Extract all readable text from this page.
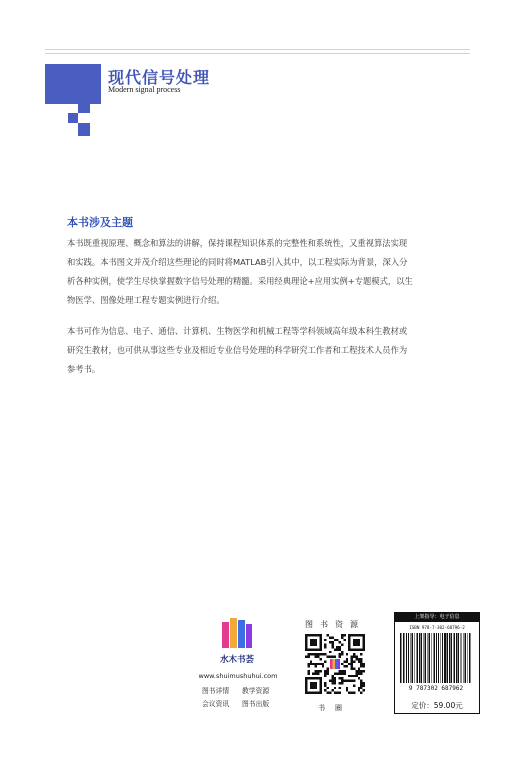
现代信号处理
Modern signal process
本书涉及主题
本书既重视原理、概念和算法的讲解，保持课程知识体系的完整性和系统性，又重视算法实现
和实践。本书图文并茂介绍这些理论的同时将MATLAB引入其中，以工程实际为背景，深入分
析各种实例，使学生尽快掌握数字信号处理的精髓。采用经典理论+应用实例+专题模式，以生
物医学、图像处理工程专题实例进行介绍。
本书可作为信息、电子、通信、计算机、生物医学和机械工程等学科领域高年级本科生教材或
研究生教材，也可供从事这些专业及相近专业信号处理的科学研究工作者和工程技术人员作为
参考书。
水木书荟
www.shuimushuhui.com
图书详情 教学资源
会议资讯 图书出版
图书资源
书圈
上架指导：电子信息
ISBN 978-7-302-68796-2
9 787302 687962
定价：59.00元
